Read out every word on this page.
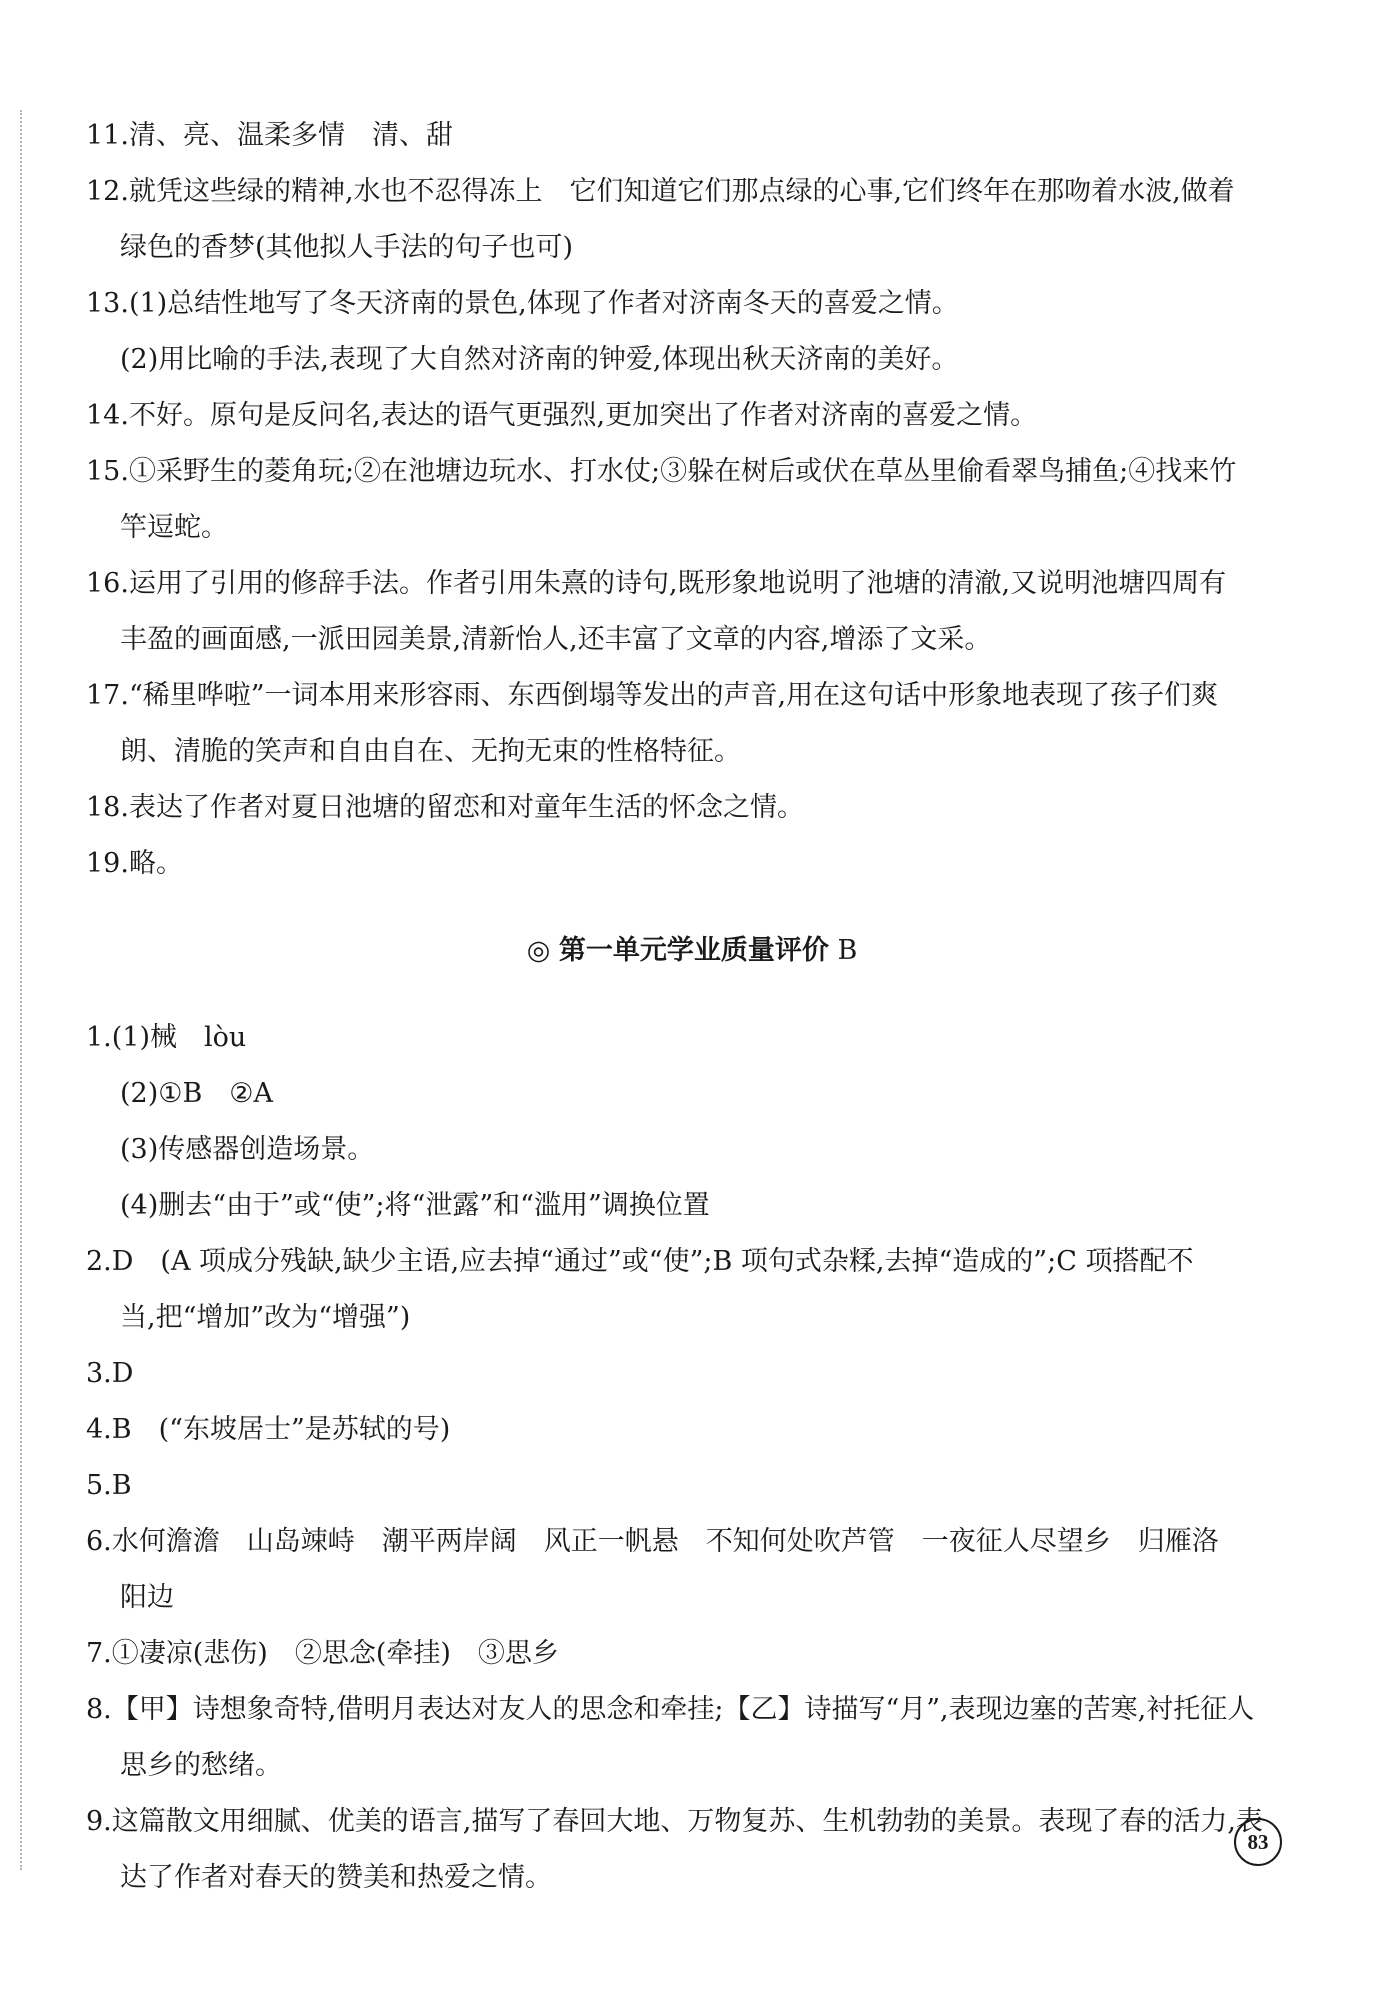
11.清、亮、温柔多情　清、甜
12.就凭这些绿的精神,水也不忍得冻上　它们知道它们那点绿的心事,它们终年在那吻着水波,做着
绿色的香梦(其他拟人手法的句子也可)
13.(1)总结性地写了冬天济南的景色,体现了作者对济南冬天的喜爱之情。
(2)用比喻的手法,表现了大自然对济南的钟爱,体现出秋天济南的美好。
14.不好。原句是反问名,表达的语气更强烈,更加突出了作者对济南的喜爱之情。
15.①采野生的菱角玩;②在池塘边玩水、打水仗;③躲在树后或伏在草丛里偷看翠鸟捕鱼;④找来竹
竿逗蛇。
16.运用了引用的修辞手法。作者引用朱熹的诗句,既形象地说明了池塘的清澈,又说明池塘四周有
丰盈的画面感,一派田园美景,清新怡人,还丰富了文章的内容,增添了文采。
17.“稀里哗啦”一词本用来形容雨、东西倒塌等发出的声音,用在这句话中形象地表现了孩子们爽
朗、清脆的笑声和自由自在、无拘无束的性格特征。
18.表达了作者对夏日池塘的留恋和对童年生活的怀念之情。
19.略。
◎ 第一单元学业质量评价 B
1.(1)械　lòu
(2)①B　②A
(3)传感器创造场景。
(4)删去“由于”或“使”;将“泄露”和“滥用”调换位置
2.D　(A 项成分残缺,缺少主语,应去掉“通过”或“使”;B 项句式杂糅,去掉“造成的”;C 项搭配不
当,把“增加”改为“增强”)
3.D
4.B　(“东坡居士”是苏轼的号)
5.B
6.水何澹澹　山岛竦峙　潮平两岸阔　风正一帆悬　不知何处吹芦管　一夜征人尽望乡　归雁洛
阳边
7.①凄凉(悲伤)　②思念(牵挂)　③思乡
8.【甲】诗想象奇特,借明月表达对友人的思念和牵挂;【乙】诗描写“月”,表现边塞的苦寒,衬托征人
思乡的愁绪。
9.这篇散文用细腻、优美的语言,描写了春回大地、万物复苏、生机勃勃的美景。表现了春的活力,表
达了作者对春天的赞美和热爱之情。
83
